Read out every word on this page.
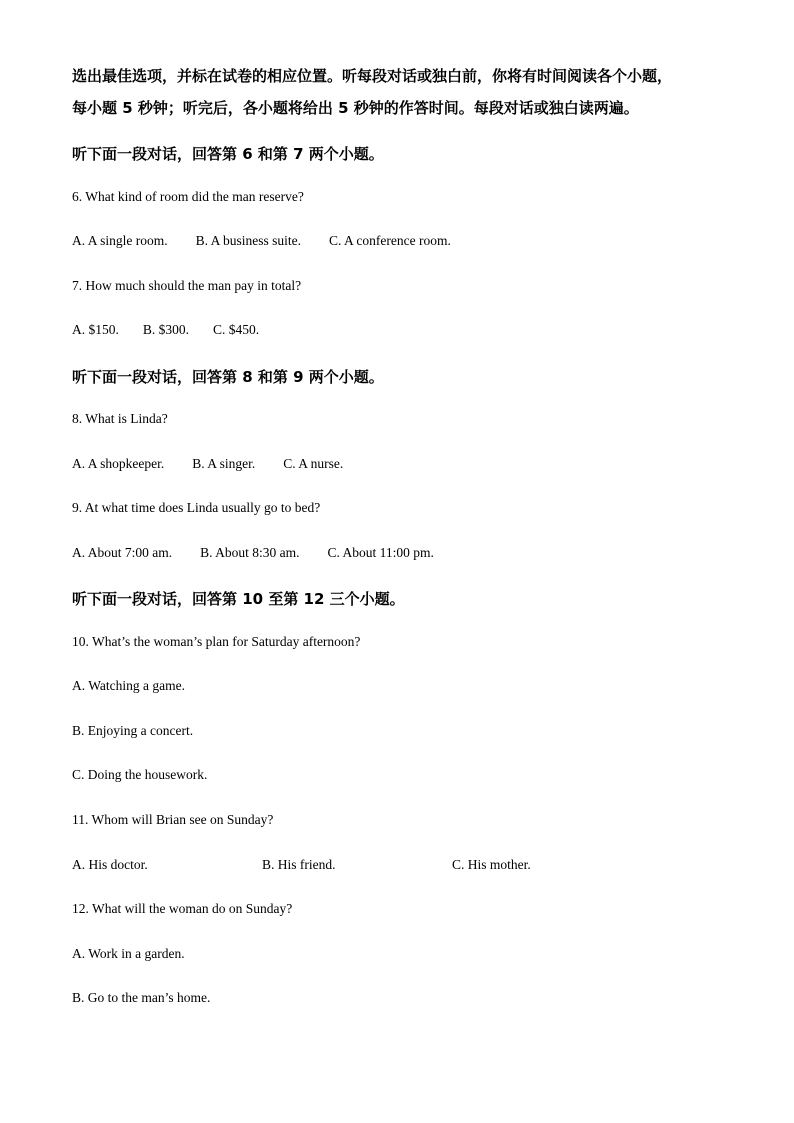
选出最佳选项，并标在试卷的相应位置。听每段对话或独白前，你将有时间阅读各个小题，
每小题 5 秒钟；听完后，各小题将给出 5 秒钟的作答时间。每段对话或独白读两遍。
听下面一段对话，回答第 6 和第 7 两个小题。
6. What kind of room did the man reserve?
A. A single room. B. A business suite. C. A conference room.
7. How much should the man pay in total?
A. $150. B. $300. C. $450.
听下面一段对话，回答第 8 和第 9 两个小题。
8. What is Linda?
A. A shopkeeper. B. A singer. C. A nurse.
9. At what time does Linda usually go to bed?
A. About 7:00 am. B. About 8:30 am. C. About 11:00 pm.
听下面一段对话，回答第 10 至第 12 三个小题。
10. What’s the woman’s plan for Saturday afternoon?
A. Watching a game.
B. Enjoying a concert.
C. Doing the housework.
11. Whom will Brian see on Sunday?
A. His doctor.	B. His friend.	C. His mother.
12. What will the woman do on Sunday?
A. Work in a garden.
B. Go to the man’s home.
